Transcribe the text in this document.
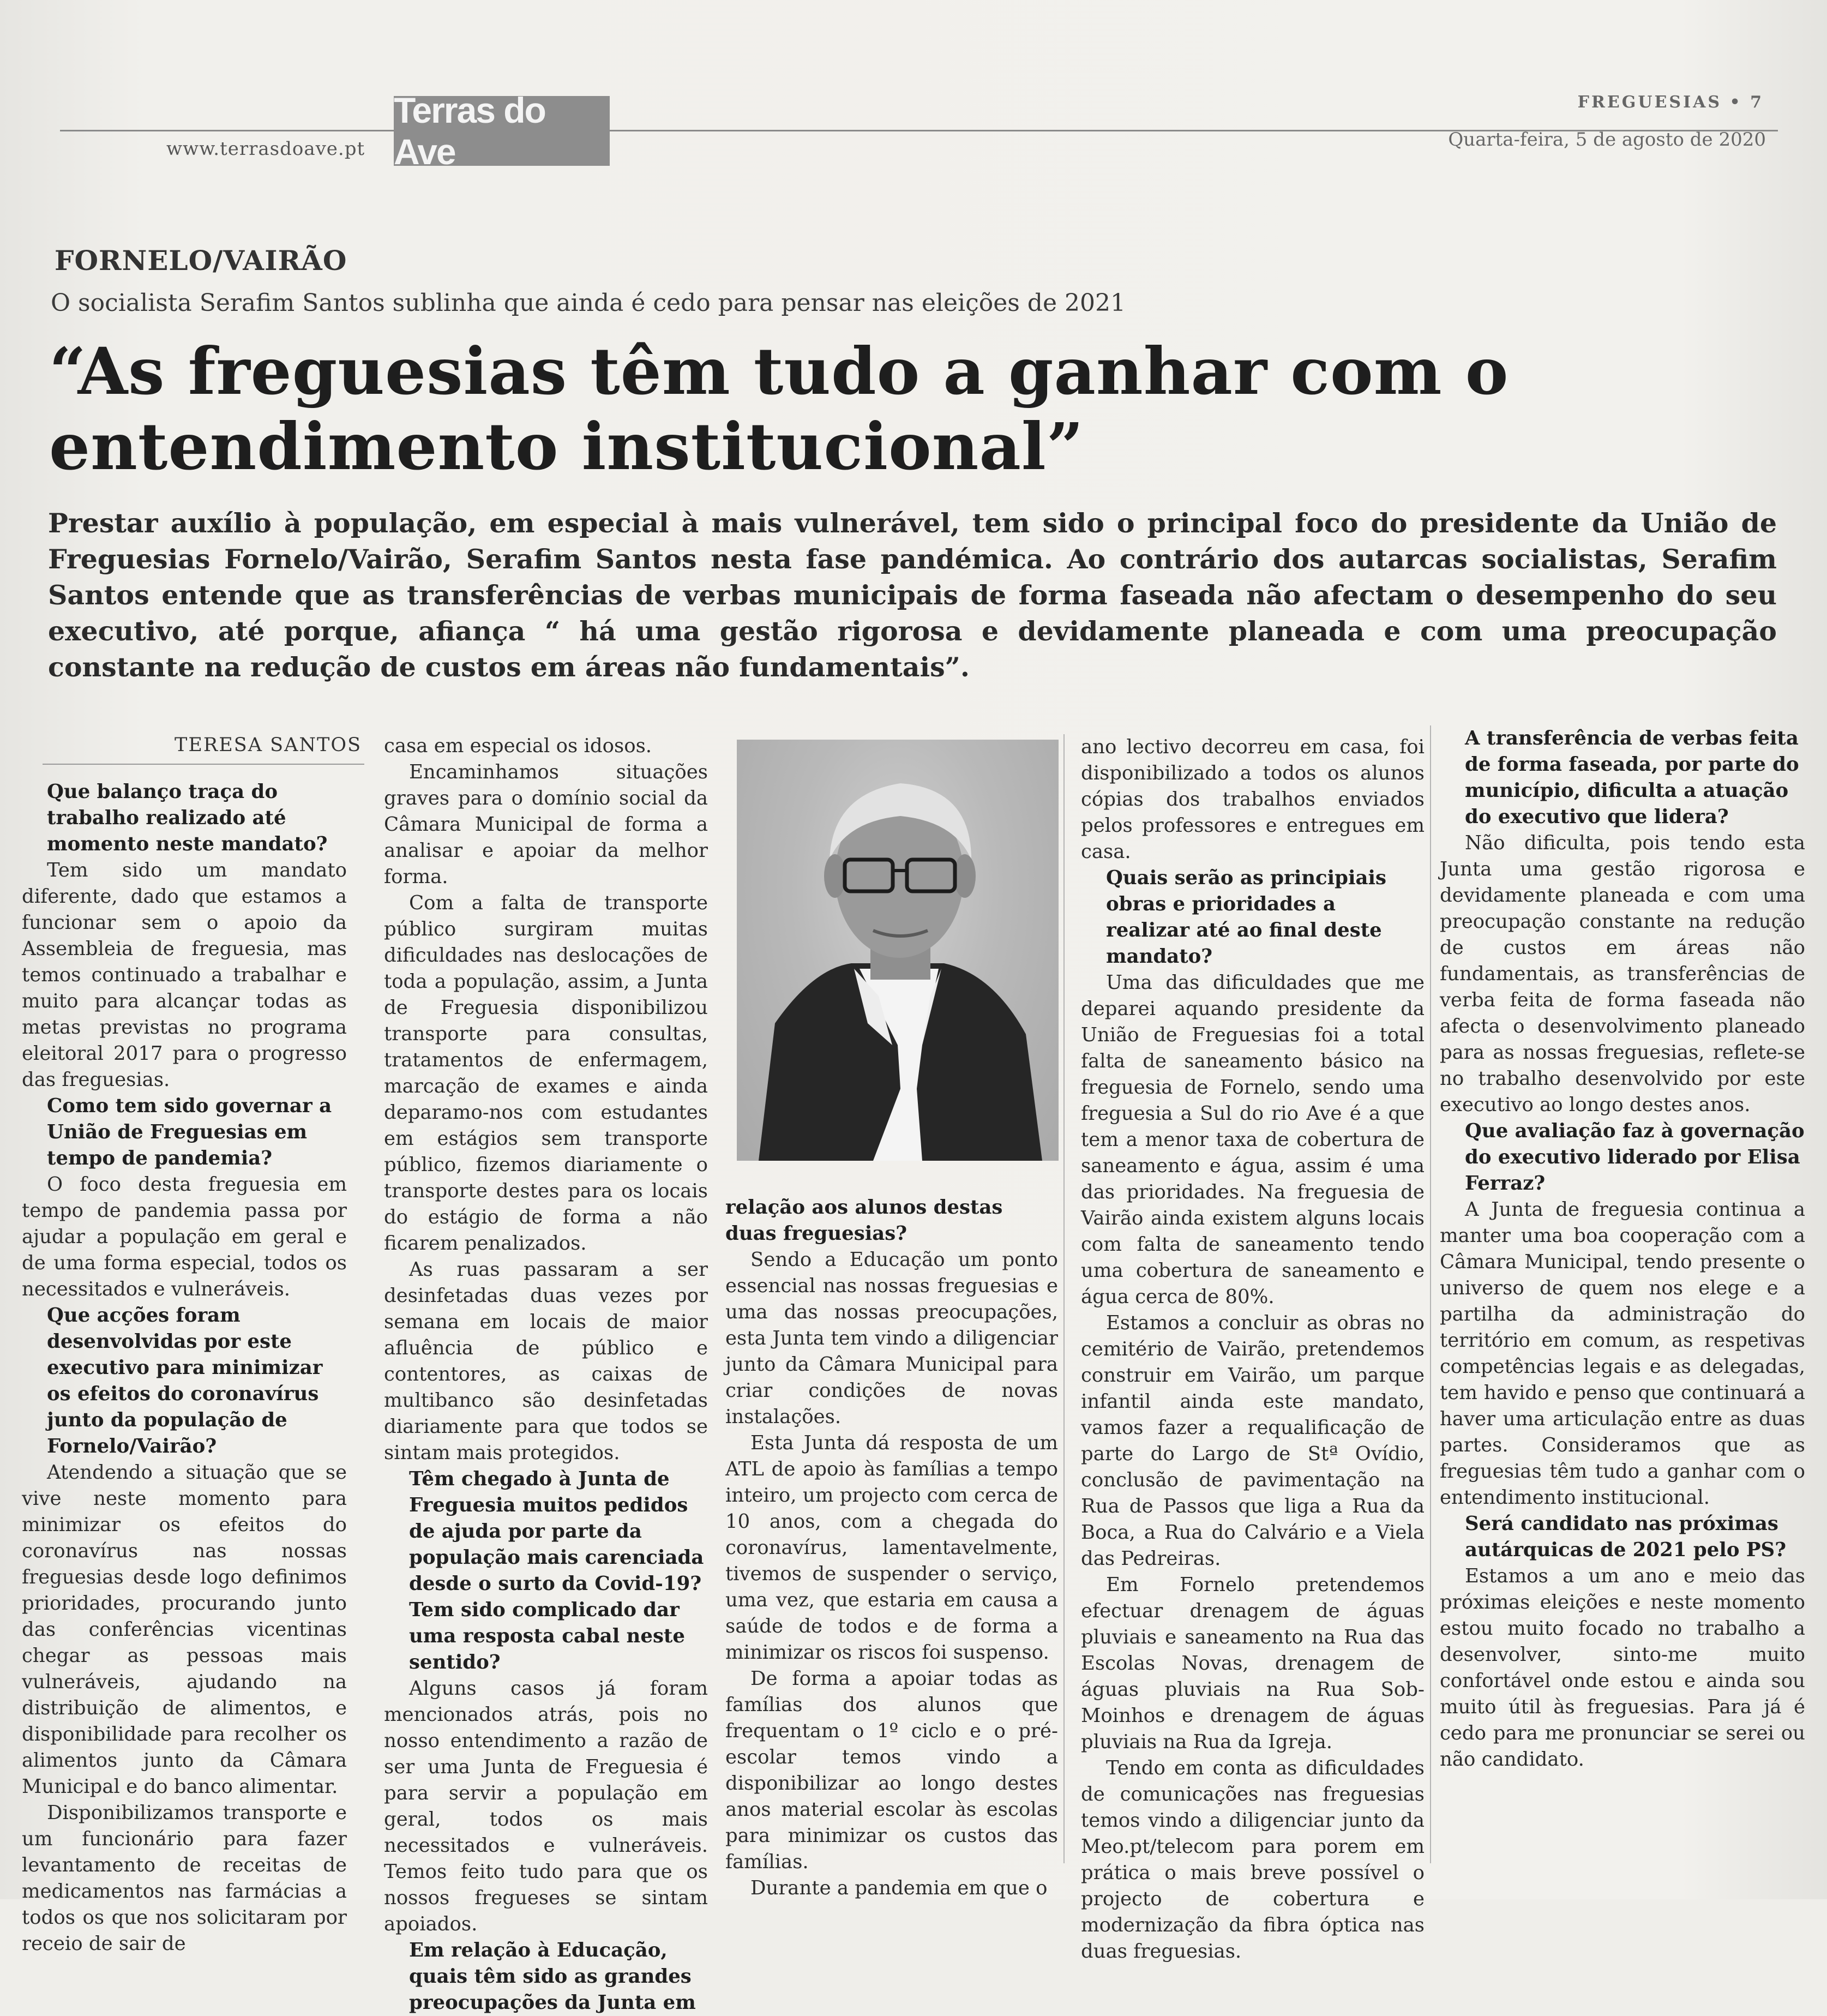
FREGUESIAS • 7
www.terrasdoave.pt
Terras do Ave	Quarta-feira, 5 de agosto de 2020
FORNELO/VAIRÃO
O socialista Serafim Santos sublinha que ainda é cedo para pensar nas eleições de 2021
“As freguesias têm tudo a ganhar com o entendimento institucional”

Prestar auxílio à população, em especial à mais vulnerável, tem sido o principal foco do presidente da União de Freguesias Fornelo/Vairão, Serafim Santos nesta fase pandémica. Ao contrário dos autarcas socialistas, Serafim Santos entende que as transferências de verbas municipais de forma faseada não afectam o desempenho do seu executivo, até porque, afiança “ há uma gestão rigorosa e devidamente planeada e com uma preocupação constante na redução de custos em áreas não fundamentais”.

TERESA SANTOS
Que balanço traça do trabalho realizado até momento neste mandato?

Tem sido um mandato diferente, dado que estamos a funcionar sem o apoio da Assembleia de freguesia, mas temos continuado a trabalhar e muito para alcançar todas as metas previstas no programa eleitoral 2017 para o progresso das freguesias.

Como tem sido governar a União de Freguesias em tempo de pandemia?

O foco desta freguesia em tempo de pandemia passa por ajudar a população em geral e de uma forma especial, todos os necessitados e vulneráveis.

Que acções foram desenvolvidas por este executivo para minimizar os efeitos do coronavírus junto da população de Fornelo/Vairão?

Atendendo a situação que se vive neste momento para minimizar os efeitos do coronavírus nas nossas freguesias desde logo definimos prioridades, procurando junto das conferências vicentinas chegar as pessoas mais vulneráveis, ajudando na distribuição de alimentos, e disponibilidade para recolher os alimentos junto da Câmara Municipal e do banco alimentar.

Disponibilizamos transporte e um funcionário para fazer levantamento de receitas de medicamentos nas farmácias a todos os que nos solicitaram por receio de sair de

casa em especial os idosos.

Encaminhamos situações graves para o domínio social da Câmara Municipal de forma a analisar e apoiar da melhor forma.

Com a falta de transporte público surgiram muitas dificuldades nas deslocações de toda a população, assim, a Junta de Freguesia disponibilizou transporte para consultas, tratamentos de enfermagem, marcação de exames e ainda deparamo-nos com estudantes em estágios sem transporte público, fizemos diariamente o transporte destes para os locais do estágio de forma a não ficarem penalizados.

As ruas passaram a ser desinfetadas duas vezes por semana em locais de maior afluência de público e contentores, as caixas de multibanco são desinfetadas diariamente para que todos se sintam mais protegidos.

Têm chegado à Junta de Freguesia muitos pedidos de ajuda por parte da população mais carenciada desde o surto da Covid-19? Tem sido complicado dar uma resposta cabal neste sentido?

Alguns casos já foram mencionados atrás, pois no nosso entendimento a razão de ser uma Junta de Freguesia é para servir a população em geral, todos os mais necessitados e vulneráveis. Temos feito tudo para que os nossos fregueses se sintam apoiados.

Em relação à Educação, quais têm sido as grandes preocupações da Junta em
relação aos alunos destas duas freguesias?

Sendo a Educação um ponto essencial nas nossas freguesias e uma das nossas preocupações, esta Junta tem vindo a diligenciar junto da Câmara Municipal para criar condições de novas instalações.

Esta Junta dá resposta de um ATL de apoio às famílias a tempo inteiro, um projecto com cerca de 10 anos, com a chegada do coronavírus, lamentavelmente, tivemos de suspender o serviço, uma vez, que estaria em causa a saúde de todos e de forma a minimizar os riscos foi suspenso.

De forma a apoiar todas as famílias dos alunos que frequentam o 1º ciclo e o pré-escolar temos vindo a disponibilizar ao longo destes anos material escolar às escolas para minimizar os custos das famílias.

Durante a pandemia em que o

ano lectivo decorreu em casa, foi disponibilizado a todos os alunos cópias dos trabalhos enviados pelos professores e entregues em casa.

Quais serão as principiais obras e prioridades a realizar até ao final deste mandato?

Uma das dificuldades que me deparei aquando presidente da União de Freguesias foi a total falta de saneamento básico na freguesia de Fornelo, sendo uma freguesia a Sul do rio Ave é a que tem a menor taxa de cobertura de saneamento e água, assim é uma das prioridades. Na freguesia de Vairão ainda existem alguns locais com falta de saneamento tendo uma cobertura de saneamento e água cerca de 80%.

Estamos a concluir as obras no cemitério de Vairão, pretendemos construir em Vairão, um parque infantil ainda este mandato, vamos fazer a requalificação de parte do Largo de Stª Ovídio, conclusão de pavimentação na Rua de Passos que liga a Rua da Boca, a Rua do Calvário e a Viela das Pedreiras.

Em Fornelo pretendemos efectuar drenagem de águas pluviais e saneamento na Rua das Escolas Novas, drenagem de águas pluviais na Rua Sob- Moinhos e drenagem de águas pluviais na Rua da Igreja.

Tendo em conta as dificuldades de comunicações nas freguesias temos vindo a diligenciar junto da Meo.pt/telecom para porem em prática o mais breve possível o projecto de cobertura e modernização da fibra óptica nas duas freguesias.

A transferência de verbas feita de forma faseada, por parte do município, dificulta a atuação do executivo que lidera?

Não dificulta, pois tendo esta Junta uma gestão rigorosa e devidamente planeada e com uma preocupação constante na redução de custos em áreas não fundamentais, as transferências de verba feita de forma faseada não afecta o desenvolvimento planeado para as nossas freguesias, reflete-se no trabalho desenvolvido por este executivo ao longo destes anos.

Que avaliação faz à governação do executivo liderado por Elisa Ferraz?

A Junta de freguesia continua a manter uma boa cooperação com a Câmara Municipal, tendo presente o universo de quem nos elege e a partilha da administração do território em comum, as respetivas competências legais e as delegadas, tem havido e penso que continuará a haver uma articulação entre as duas partes. Consideramos que as freguesias têm tudo a ganhar com o entendimento institucional.

Será candidato nas próximas autárquicas de 2021 pelo PS?

Estamos a um ano e meio das próximas eleições e neste momento estou muito focado no trabalho a desenvolver, sinto-me muito confortável onde estou e ainda sou muito útil às freguesias. Para já é cedo para me pronunciar se serei ou não candidato.
